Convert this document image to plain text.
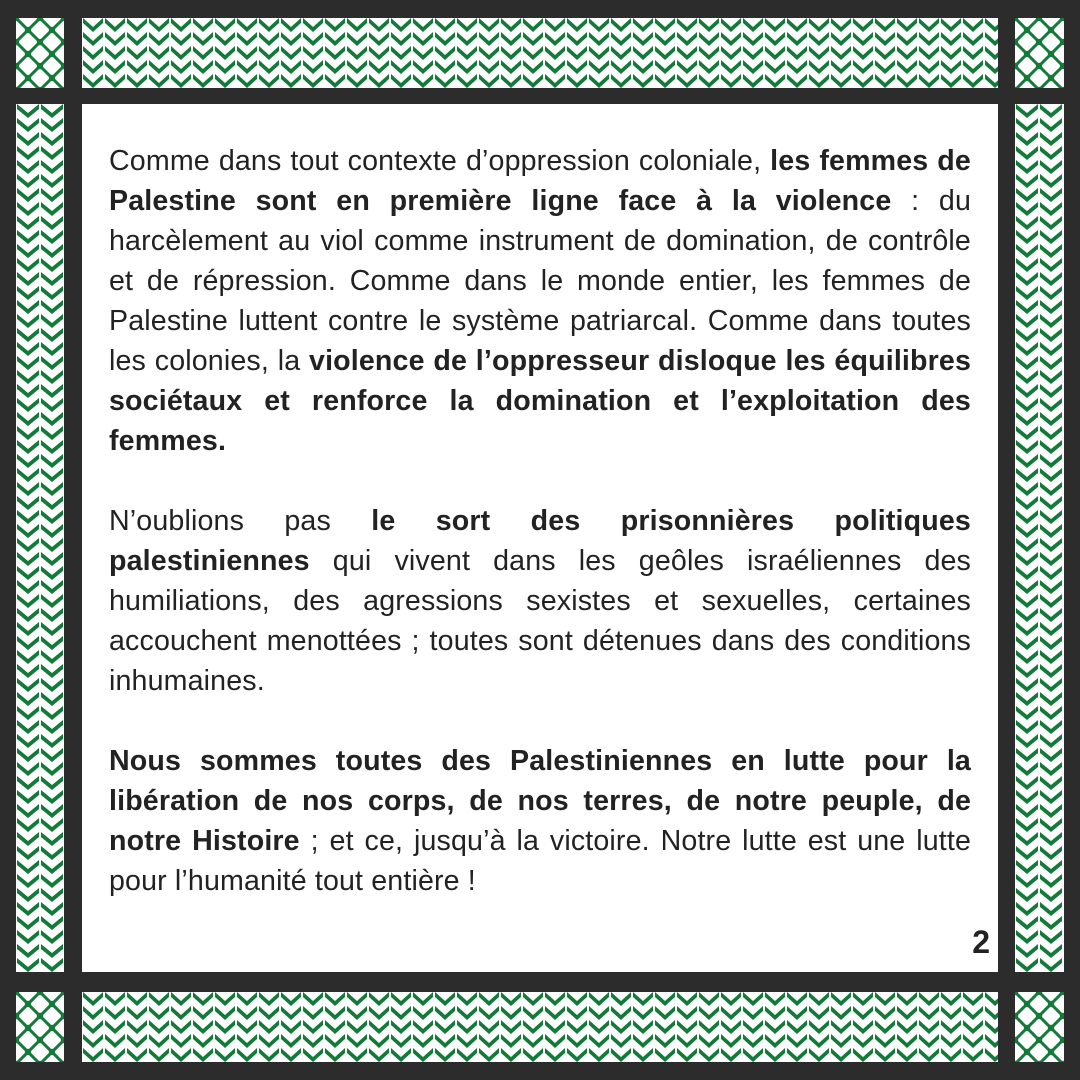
Comme dans tout contexte d’oppression coloniale, les femmes de Palestine sont en première ligne face à la violence : du harcèlement au viol comme instrument de domination, de contrôle et de répression. Comme dans le monde entier, les femmes de Palestine luttent contre le système patriarcal. Comme dans toutes les colonies, la violence de l’oppresseur disloque les équilibres sociétaux et renforce la domination et l’exploitation des femmes.

N’oublions pas le sort des prisonnières politiques palestiniennes qui vivent dans les geôles israéliennes des humiliations, des agressions sexistes et sexuelles, certaines accouchent menottées ; toutes sont détenues dans des conditions inhumaines.

Nous sommes toutes des Palestiniennes en lutte pour la libération de nos corps, de nos terres, de notre peuple, de notre Histoire ; et ce, jusqu’à la victoire. Notre lutte est une lutte pour l’humanité tout entière !

2
